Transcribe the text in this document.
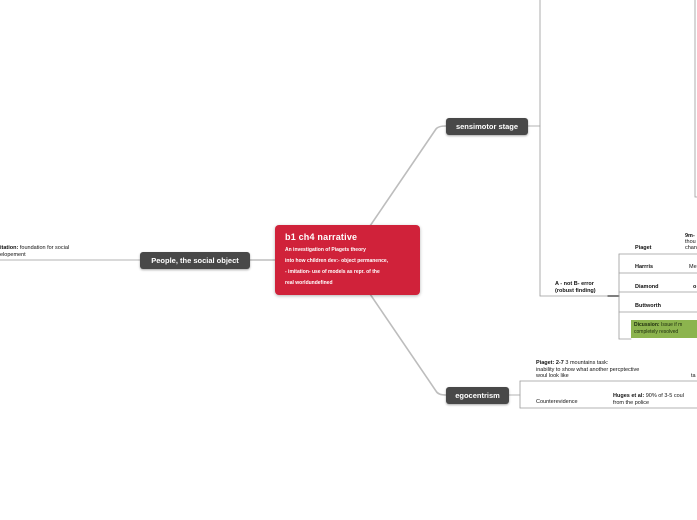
b1 ch4 narrative
An investigation of Piagets theory
into how children dev:- object permanence,
- imitation- use of models as repr. of the
real worldundefined
People, the social object
itation: foundation for social
elopement
sensimotor stage
A - not B- error
(robust finding)
Piaget
9m-
thou
chan
Harrris	Me
Diamond	o
Buttworth
Dicussion: Issue if m
completely resolved
egocentrism
Piaget: 2-7 3 mountains task:
inability to show what another percptective
woul look like	ta
Counterevidence
Huges et al: 90% of 3-5 coul
from the police
